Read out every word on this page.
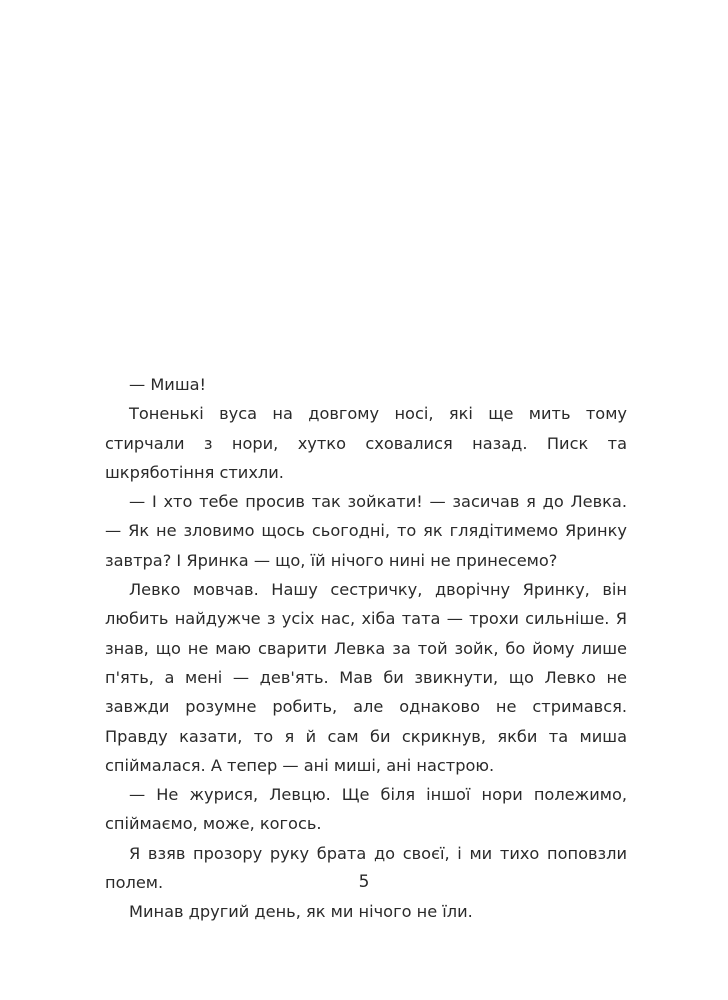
— Миша!

Тоненькі вуса на довгому носі, які ще мить тому стирчали з нори, хутко сховалися назад. Писк та шкряботіння стихли.

— І хто тебе просив так зойкати! — засичав я до Левка. — Як не зловимо щось сьогодні, то як глядітимемо Яринку завтра? І Яринка — що, їй нічого нині не принесемо?

Левко мовчав. Нашу сестричку, дворічну Яринку, він любить найдужче з усіх нас, хіба тата — трохи сильніше. Я знав, що не маю сварити Левка за той зойк, бо йому лише п'ять, а мені — дев'ять. Мав би звикнути, що Левко не завжди розумне робить, але однаково не стримався. Правду казати, то я й сам би скрикнув, якби та миша спіймалася. А тепер — ані миші, ані настрою.

— Не журися, Левцю. Ще біля іншої нори полежимо, спіймаємо, може, когось.

Я взяв прозору руку брата до своєї, і ми тихо поповзли полем.

Минав другий день, як ми нічого не їли.

5
